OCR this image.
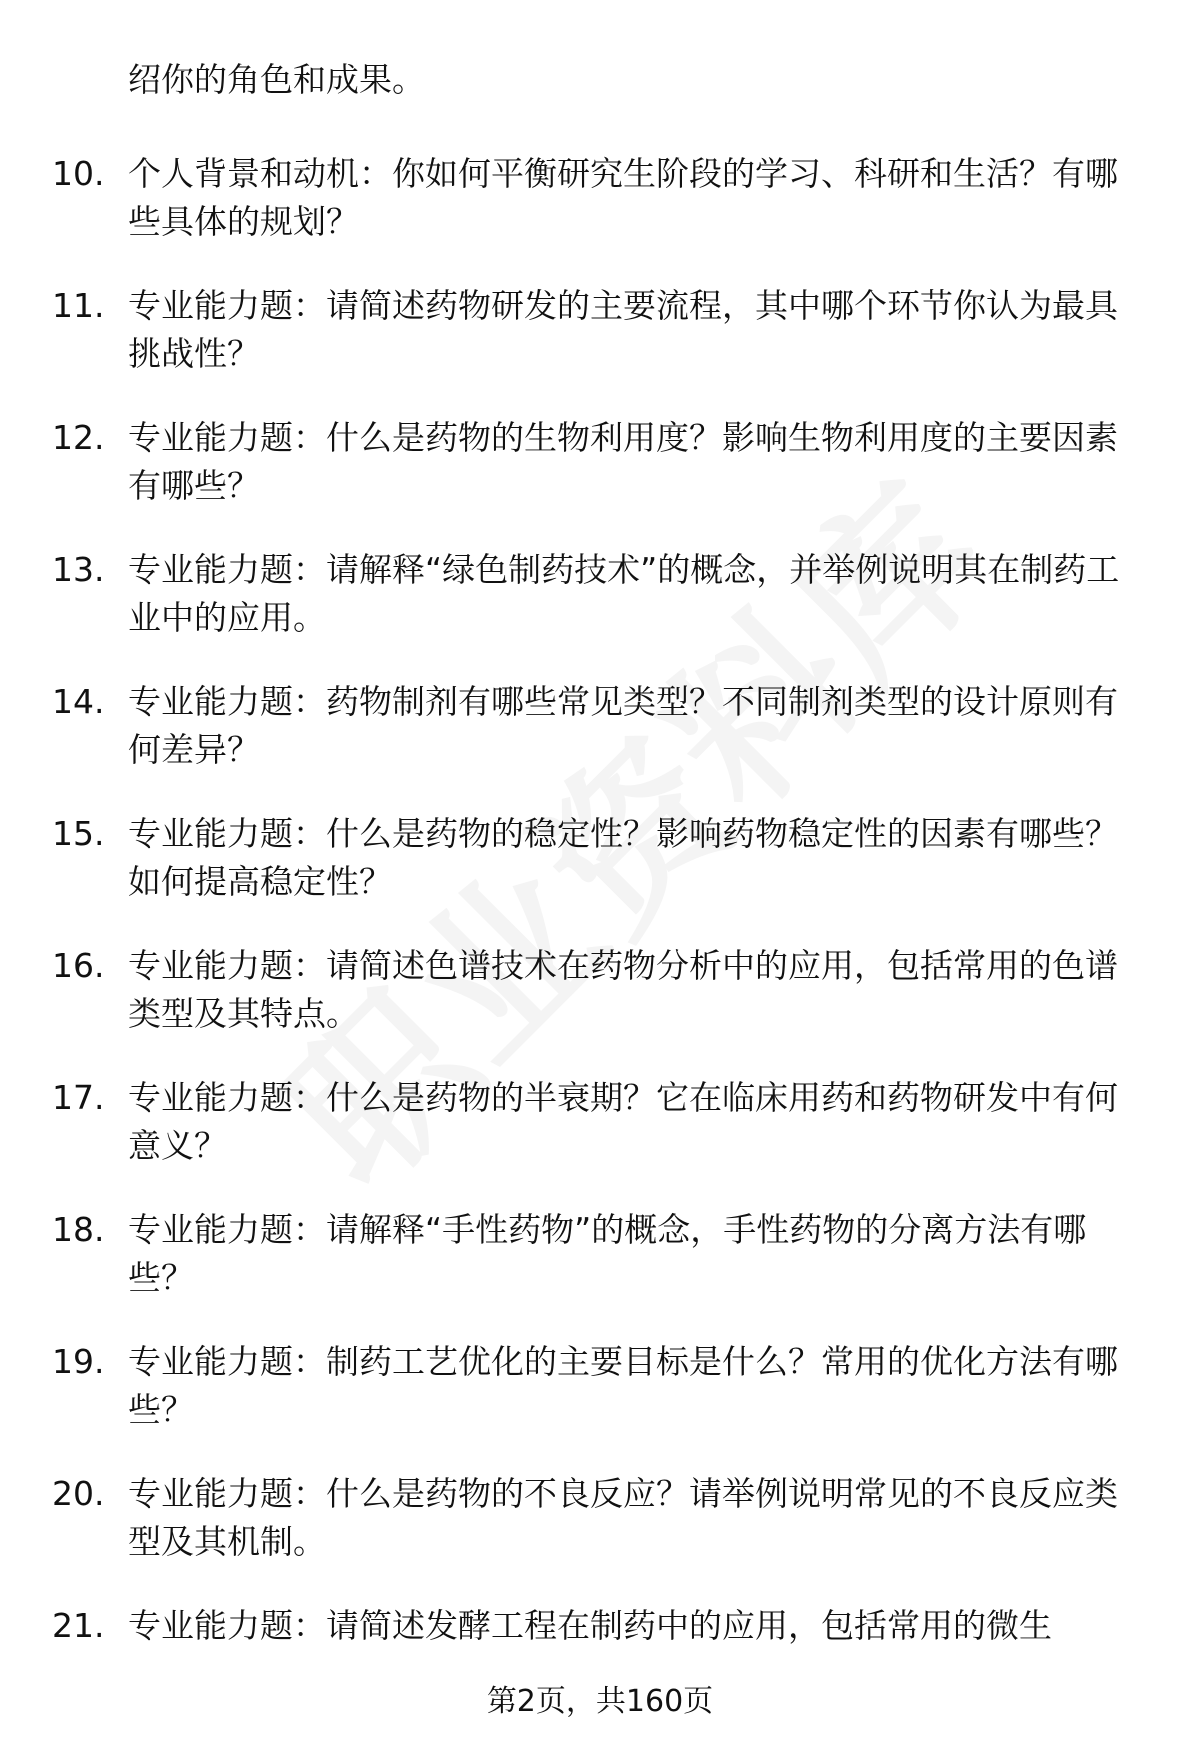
绍你的角色和成果。

10. 个人背景和动机：你如何平衡研究生阶段的学习、科研和生活？有哪些具体的规划？
11. 专业能力题：请简述药物研发的主要流程，其中哪个环节你认为最具挑战性？
12. 专业能力题：什么是药物的生物利用度？影响生物利用度的主要因素有哪些？
13. 专业能力题：请解释“绿色制药技术”的概念，并举例说明其在制药工业中的应用。
14. 专业能力题：药物制剂有哪些常见类型？不同制剂类型的设计原则有何差异？
15. 专业能力题：什么是药物的稳定性？影响药物稳定性的因素有哪些？如何提高稳定性？
16. 专业能力题：请简述色谱技术在药物分析中的应用，包括常用的色谱类型及其特点。
17. 专业能力题：什么是药物的半衰期？它在临床用药和药物研发中有何意义？
18. 专业能力题：请解释“手性药物”的概念，手性药物的分离方法有哪些？
19. 专业能力题：制药工艺优化的主要目标是什么？常用的优化方法有哪些？
20. 专业能力题：什么是药物的不良反应？请举例说明常见的不良反应类型及其机制。
21. 专业能力题：请简述发酵工程在制药中的应用，包括常用的微生
第2页，共160页
